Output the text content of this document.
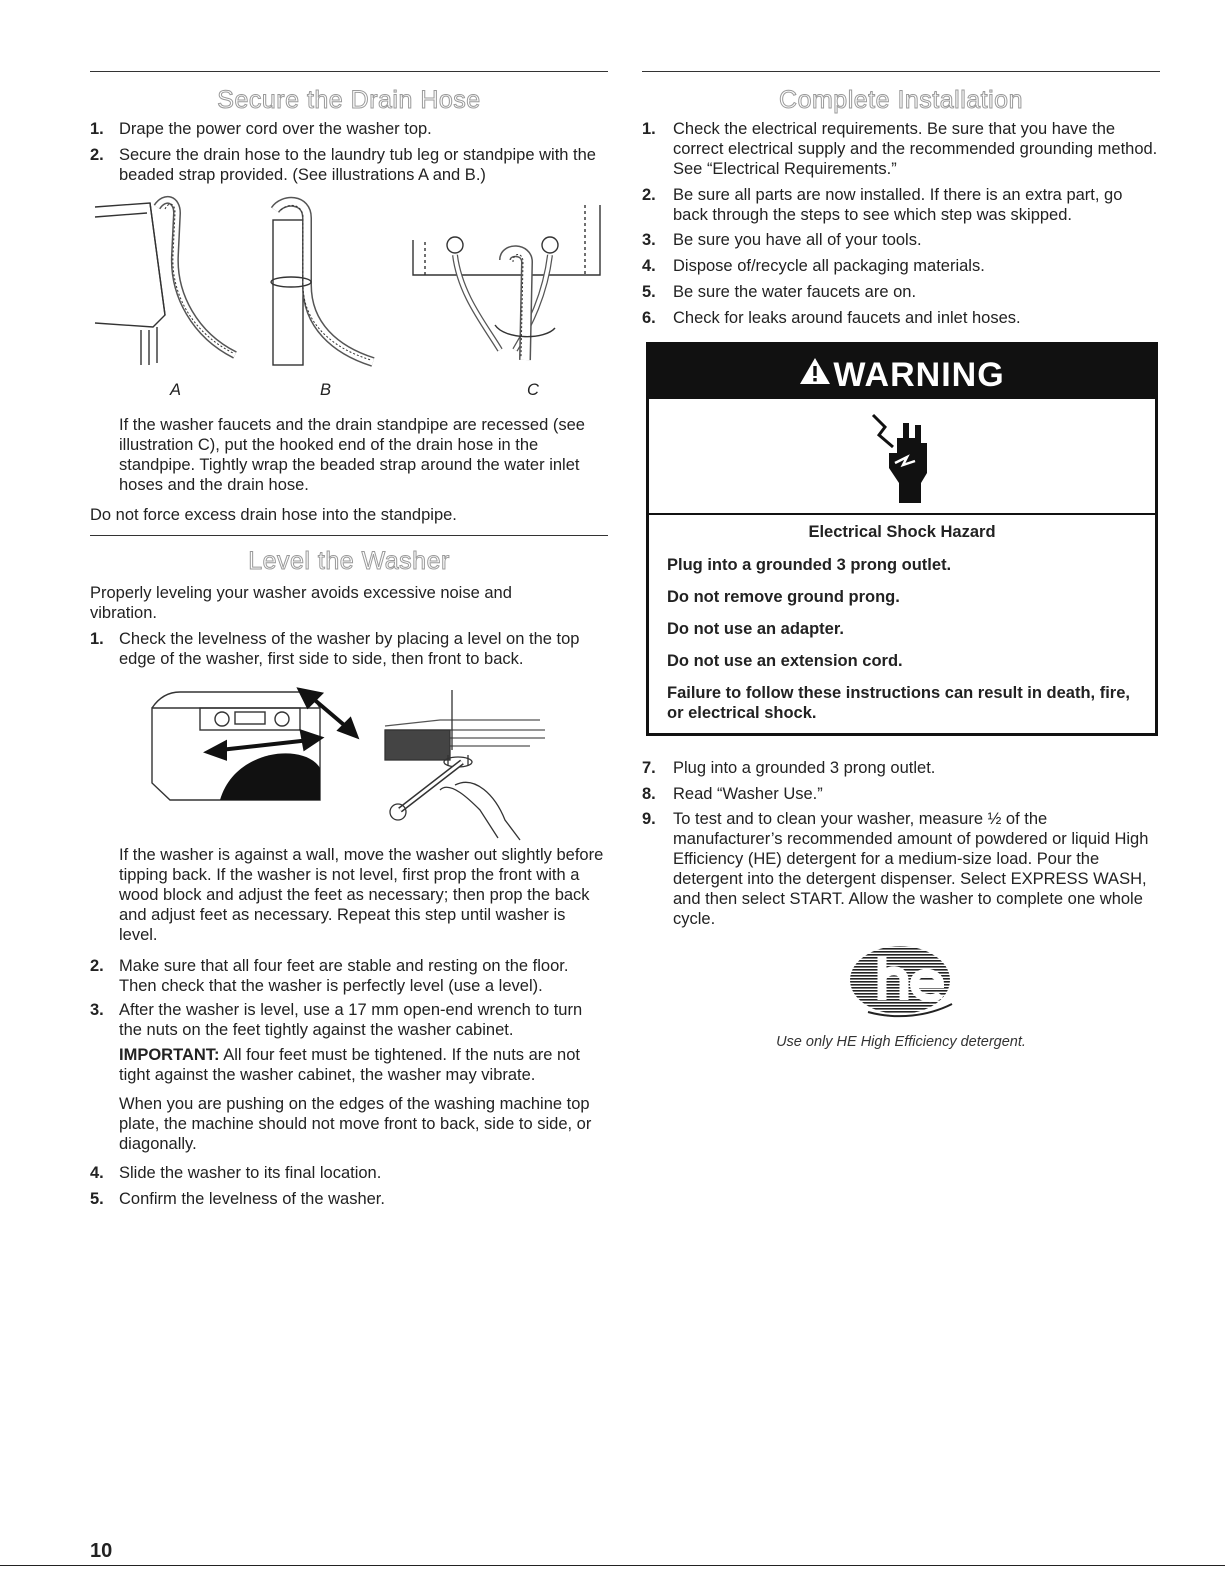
Secure the Drain Hose
1. Drape the power cord over the washer top.
2. Secure the drain hose to the laundry tub leg or standpipe with the beaded strap provided. (See illustrations A and B.)
A	B	C
If the washer faucets and the drain standpipe are recessed (see illustration C), put the hooked end of the drain hose in the standpipe. Tightly wrap the beaded strap around the water inlet hoses and the drain hose.
Do not force excess drain hose into the standpipe.
Level the Washer
Properly leveling your washer avoids excessive noise and vibration.
1. Check the levelness of the washer by placing a level on the top edge of the washer, first side to side, then front to back.
If the washer is against a wall, move the washer out slightly before tipping back. If the washer is not level, first prop the front with a wood block and adjust the feet as necessary; then prop the back and adjust feet as necessary. Repeat this step until washer is level.
2. Make sure that all four feet are stable and resting on the floor. Then check that the washer is perfectly level (use a level).
3. After the washer is level, use a 17 mm open-end wrench to turn the nuts on the feet tightly against the washer cabinet.
IMPORTANT: All four feet must be tightened. If the nuts are not tight against the washer cabinet, the washer may vibrate.
When you are pushing on the edges of the washing machine top plate, the machine should not move front to back, side to side, or diagonally.
4. Slide the washer to its final location.
5. Confirm the levelness of the washer.
Complete Installation
1. Check the electrical requirements. Be sure that you have the correct electrical supply and the recommended grounding method. See “Electrical Requirements.”
2. Be sure all parts are now installed. If there is an extra part, go back through the steps to see which step was skipped.
3. Be sure you have all of your tools.
4. Dispose of/recycle all packaging materials.
5. Be sure the water faucets are on.
6. Check for leaks around faucets and inlet hoses.
WARNING
Electrical Shock Hazard
Plug into a grounded 3 prong outlet.
Do not remove ground prong.
Do not use an adapter.
Do not use an extension cord.
Failure to follow these instructions can result in death, fire, or electrical shock.
7. Plug into a grounded 3 prong outlet.
8. Read “Washer Use.”
9. To test and to clean your washer, measure ½ of the manufacturer’s recommended amount of powdered or liquid High Efficiency (HE) detergent for a medium-size load. Pour the detergent into the detergent dispenser. Select EXPRESS WASH, and then select START. Allow the washer to complete one whole cycle.
Use only HE High Efficiency detergent.
10
